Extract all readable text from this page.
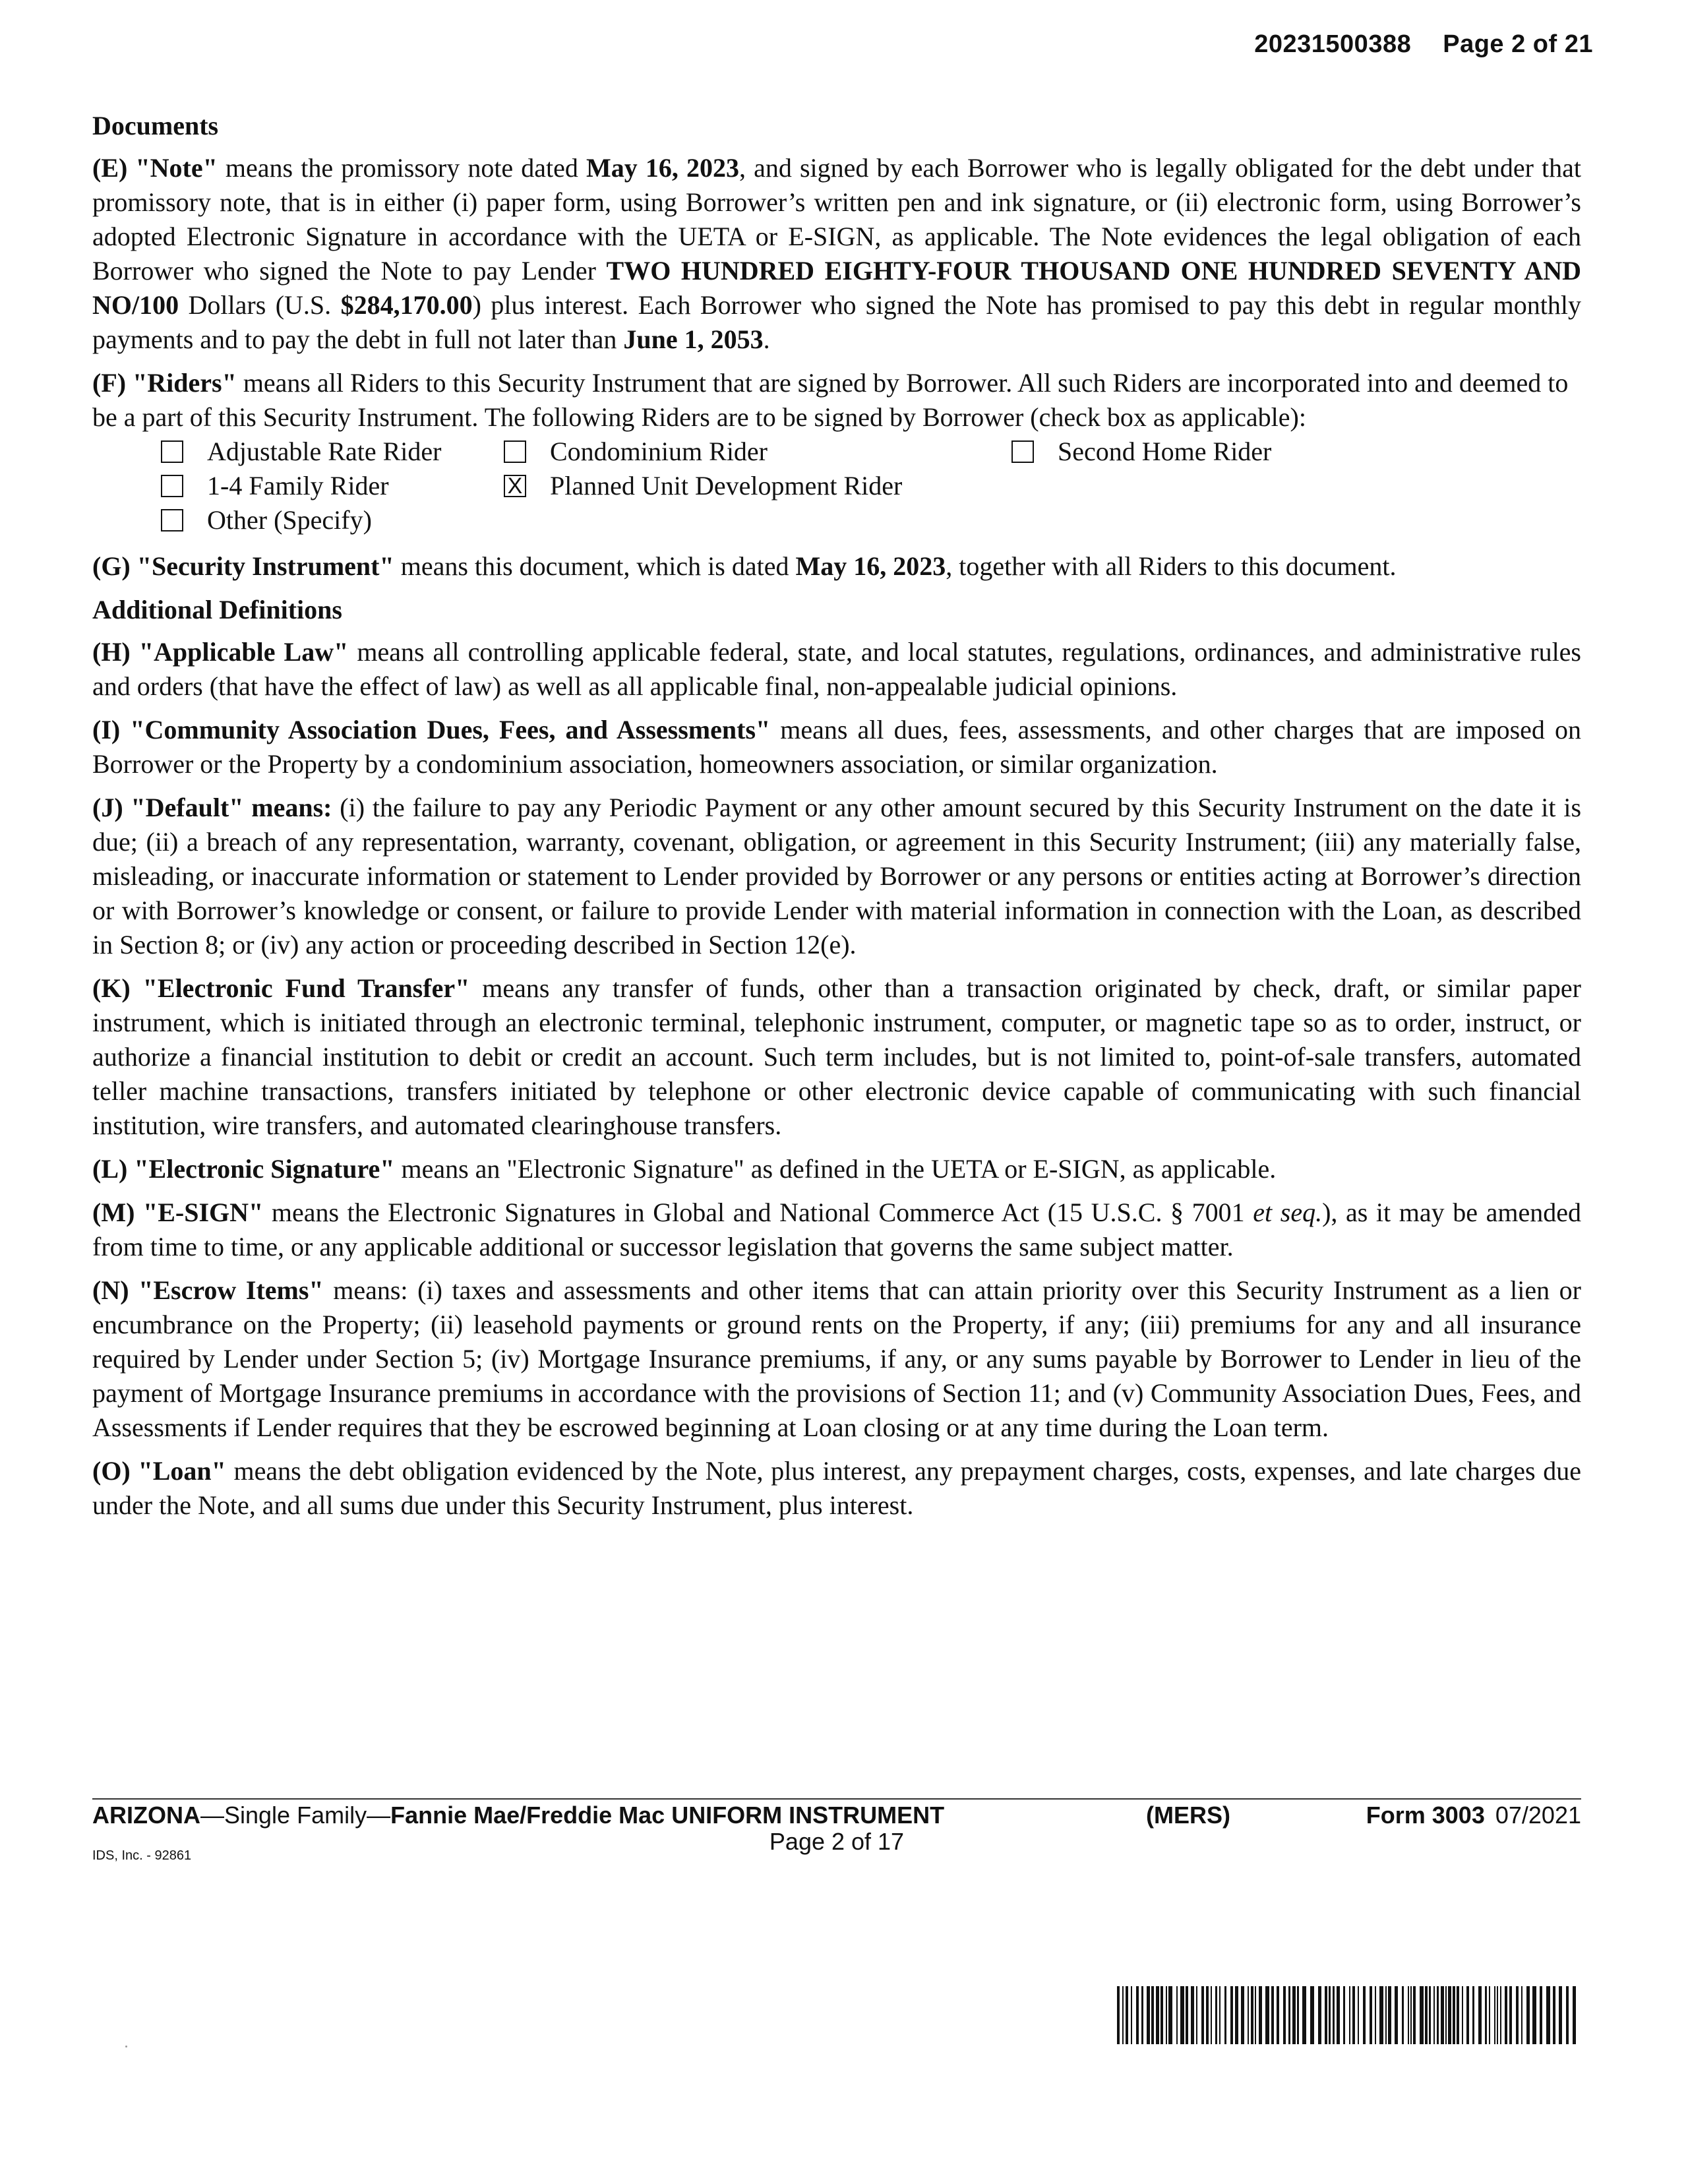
20231500388 Page 2 of 21
Documents

(E) "Note" means the promissory note dated May 16, 2023, and signed by each Borrower who is legally obligated for the debt under that promissory note, that is in either (i) paper form, using Borrower’s written pen and ink signature, or (ii) electronic form, using Borrower’s adopted Electronic Signature in accordance with the UETA or E-SIGN, as applicable. The Note evidences the legal obligation of each Borrower who signed the Note to pay Lender TWO HUNDRED EIGHTY-FOUR THOUSAND ONE HUNDRED SEVENTY AND NO/100 Dollars (U.S. $284,170.00) plus interest. Each Borrower who signed the Note has promised to pay this debt in regular monthly payments and to pay the debt in full not later than June 1, 2053.

(F) "Riders" means all Riders to this Security Instrument that are signed by Borrower. All such Riders are incorporated into and deemed to be a part of this Security Instrument. The following Riders are to be signed by Borrower (check box as applicable):

Adjustable Rate Rider	Condominium Rider	Second Home Rider
1-4 Family Rider	X Planned Unit Development Rider
Other (Specify)

(G) "Security Instrument" means this document, which is dated May 16, 2023, together with all Riders to this document.

Additional Definitions

(H) "Applicable Law" means all controlling applicable federal, state, and local statutes, regulations, ordinances, and administrative rules and orders (that have the effect of law) as well as all applicable final, non-appealable judicial opinions.

(I) "Community Association Dues, Fees, and Assessments" means all dues, fees, assessments, and other charges that are imposed on Borrower or the Property by a condominium association, homeowners association, or similar organization.

(J) "Default" means: (i) the failure to pay any Periodic Payment or any other amount secured by this Security Instrument on the date it is due; (ii) a breach of any representation, warranty, covenant, obligation, or agreement in this Security Instrument; (iii) any materially false, misleading, or inaccurate information or statement to Lender provided by Borrower or any persons or entities acting at Borrower’s direction or with Borrower’s knowledge or consent, or failure to provide Lender with material information in connection with the Loan, as described in Section 8; or (iv) any action or proceeding described in Section 12(e).

(K) "Electronic Fund Transfer" means any transfer of funds, other than a transaction originated by check, draft, or similar paper instrument, which is initiated through an electronic terminal, telephonic instrument, computer, or magnetic tape so as to order, instruct, or authorize a financial institution to debit or credit an account. Such term includes, but is not limited to, point-of-sale transfers, automated teller machine transactions, transfers initiated by telephone or other electronic device capable of communicating with such financial institution, wire transfers, and automated clearinghouse transfers.

(L) "Electronic Signature" means an "Electronic Signature" as defined in the UETA or E-SIGN, as applicable.

(M) "E-SIGN" means the Electronic Signatures in Global and National Commerce Act (15 U.S.C. § 7001 et seq.), as it may be amended from time to time, or any applicable additional or successor legislation that governs the same subject matter.

(N) "Escrow Items" means: (i) taxes and assessments and other items that can attain priority over this Security Instrument as a lien or encumbrance on the Property; (ii) leasehold payments or ground rents on the Property, if any; (iii) premiums for any and all insurance required by Lender under Section 5; (iv) Mortgage Insurance premiums, if any, or any sums payable by Borrower to Lender in lieu of the payment of Mortgage Insurance premiums in accordance with the provisions of Section 11; and (v) Community Association Dues, Fees, and Assessments if Lender requires that they be escrowed beginning at Loan closing or at any time during the Loan term.

(O) "Loan" means the debt obligation evidenced by the Note, plus interest, any prepayment charges, costs, expenses, and late charges due under the Note, and all sums due under this Security Instrument, plus interest.

ARIZONA —Single Family— Fannie Mae/Freddie Mac UNIFORM INSTRUMENT	(MERS)	Form 3003 07/2021
Page 2 of 17
IDS, Inc. - 92861
